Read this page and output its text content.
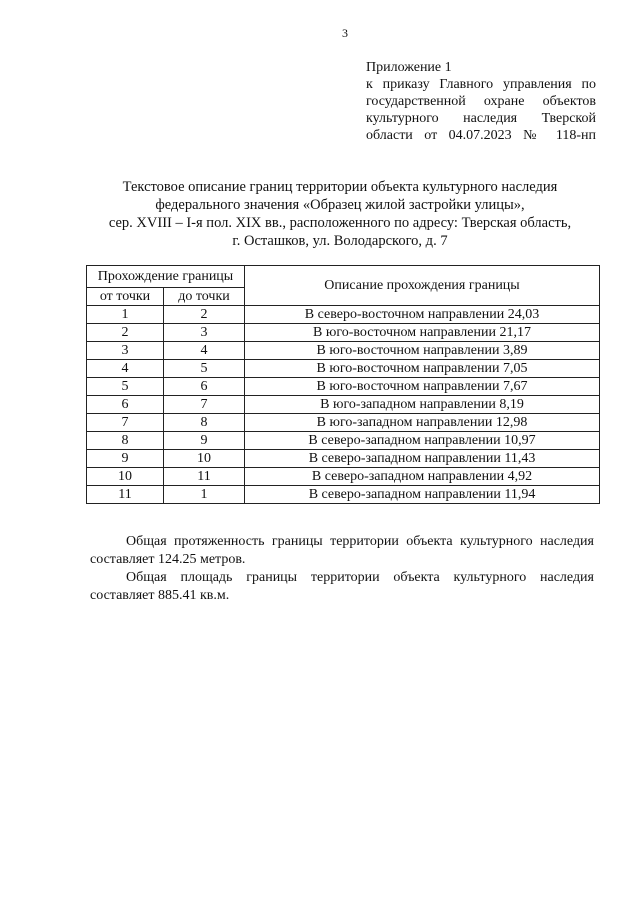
3
Приложение 1
к приказу Главного управления по
государственной охране объектов
культурного наследия Тверской
области от 04.07.2023 № 118-нп
Текстовое описание границ территории объекта культурного наследия
федерального значения «Образец жилой застройки улицы»,
сер. XVIII – I-я пол. XIX вв., расположенного по адресу: Тверская область,
г. Осташков, ул. Володарского, д. 7
Прохождение границы		Описание прохождения границы
от точки	до точки	
1	2	В северо-восточном направлении 24,03
2	3	В юго-восточном направлении 21,17
3	4	В юго-восточном направлении 3,89
4	5	В юго-восточном направлении 7,05
5	6	В юго-восточном направлении 7,67
6	7	В юго-западном направлении 8,19
7	8	В юго-западном направлении 12,98
8	9	В северо-западном направлении 10,97
9	10	В северо-западном направлении 11,43
10	11	В северо-западном направлении 4,92
11	1	В северо-западном направлении 11,94

Общая протяженность границы территории объекта культурного наследия составляет 124.25 метров.

Общая площадь границы территории объекта культурного наследия составляет 885.41 кв.м.
